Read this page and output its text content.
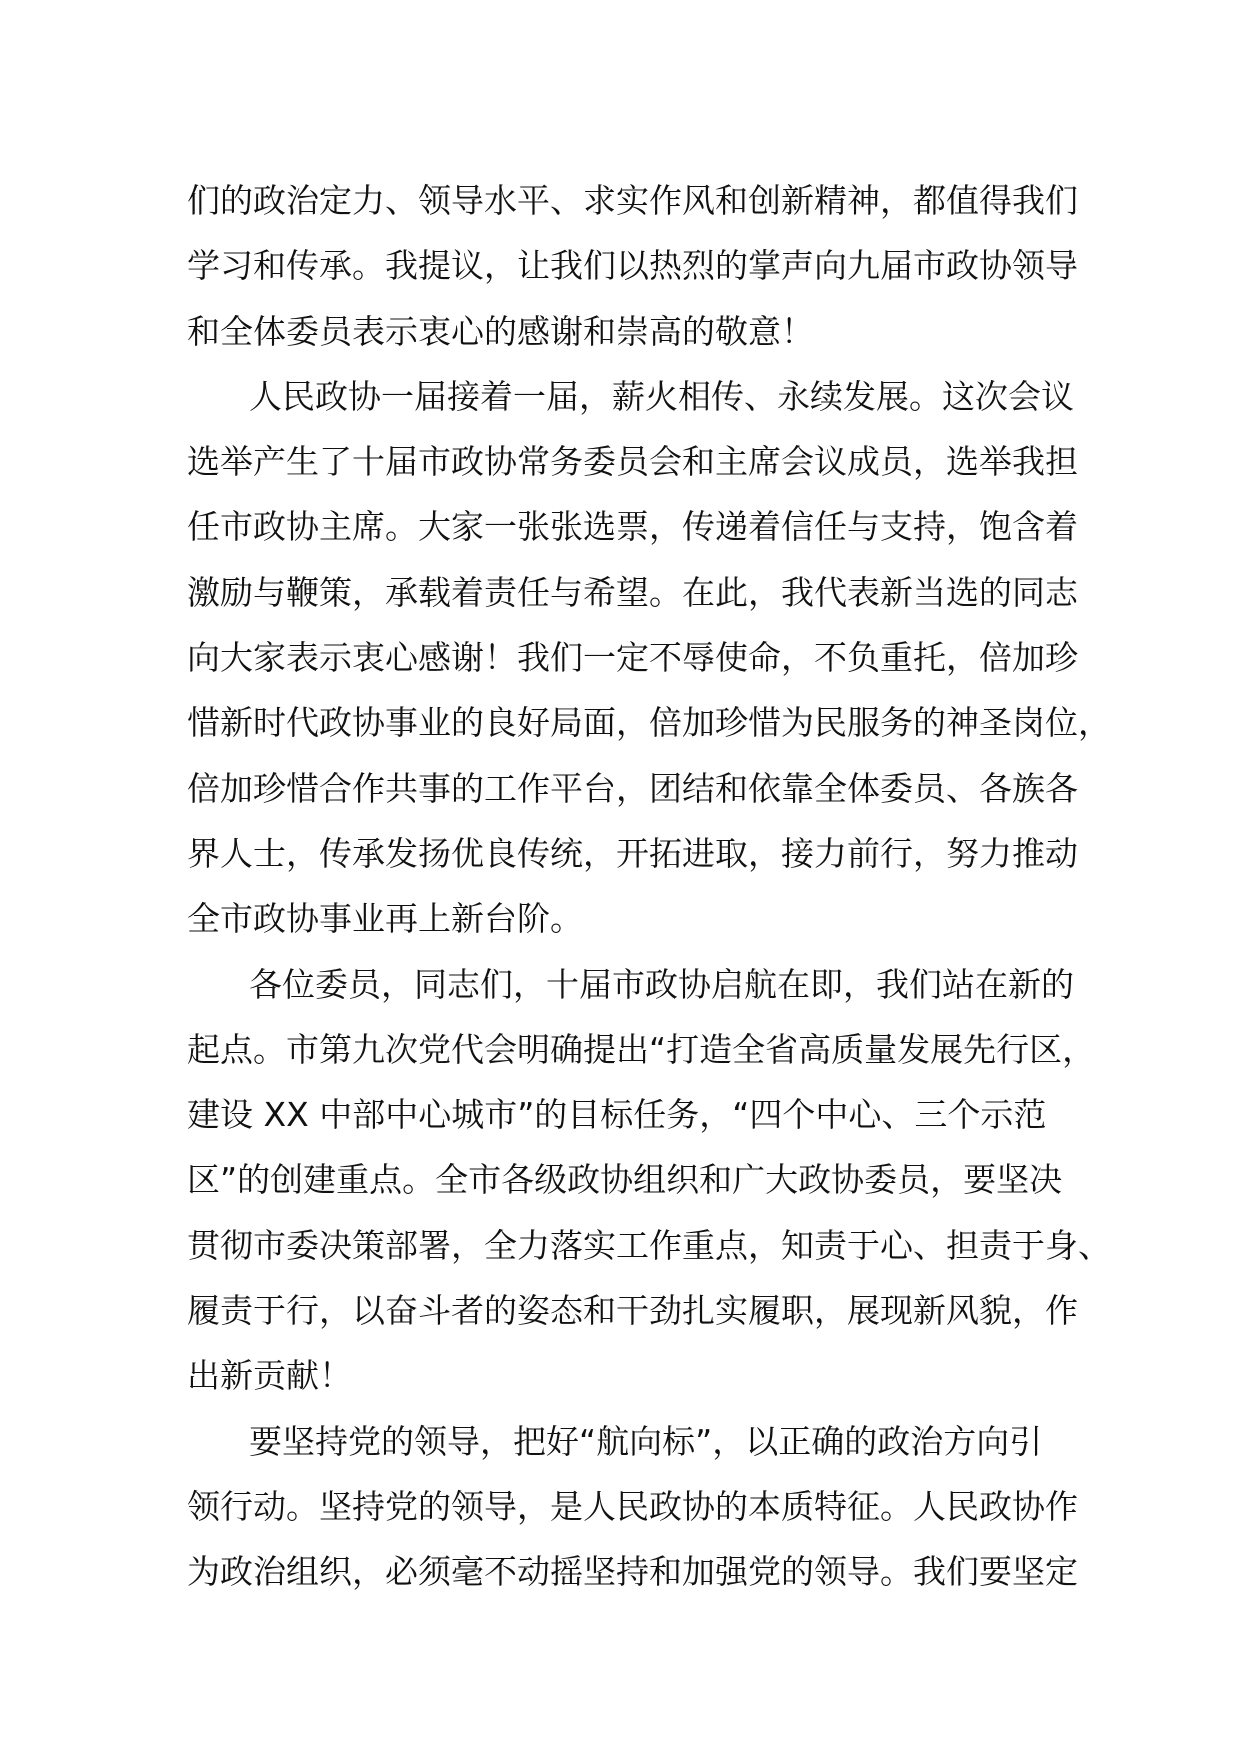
们的政治定力、领导水平、求实作风和创新精神，都值得我们
学习和传承。我提议，让我们以热烈的掌声向九届市政协领导
和全体委员表示衷心的感谢和崇高的敬意！
人民政协一届接着一届，薪火相传、永续发展。这次会议
选举产生了十届市政协常务委员会和主席会议成员，选举我担
任市政协主席。大家一张张选票，传递着信任与支持，饱含着
激励与鞭策，承载着责任与希望。在此，我代表新当选的同志
向大家表示衷心感谢！我们一定不辱使命，不负重托，倍加珍
惜新时代政协事业的良好局面，倍加珍惜为民服务的神圣岗位，
倍加珍惜合作共事的工作平台，团结和依靠全体委员、各族各
界人士，传承发扬优良传统，开拓进取，接力前行，努力推动
全市政协事业再上新台阶。
各位委员，同志们，十届市政协启航在即，我们站在新的
起点。市第九次党代会明确提出“打造全省高质量发展先行区，
建设 XX 中部中心城市”的目标任务，“四个中心、三个示范
区”的创建重点。全市各级政协组织和广大政协委员，要坚决
贯彻市委决策部署，全力落实工作重点，知责于心、担责于身、
履责于行，以奋斗者的姿态和干劲扎实履职，展现新风貌，作
出新贡献！
要坚持党的领导，把好“航向标”，以正确的政治方向引
领行动。坚持党的领导，是人民政协的本质特征。人民政协作
为政治组织，必须毫不动摇坚持和加强党的领导。我们要坚定
